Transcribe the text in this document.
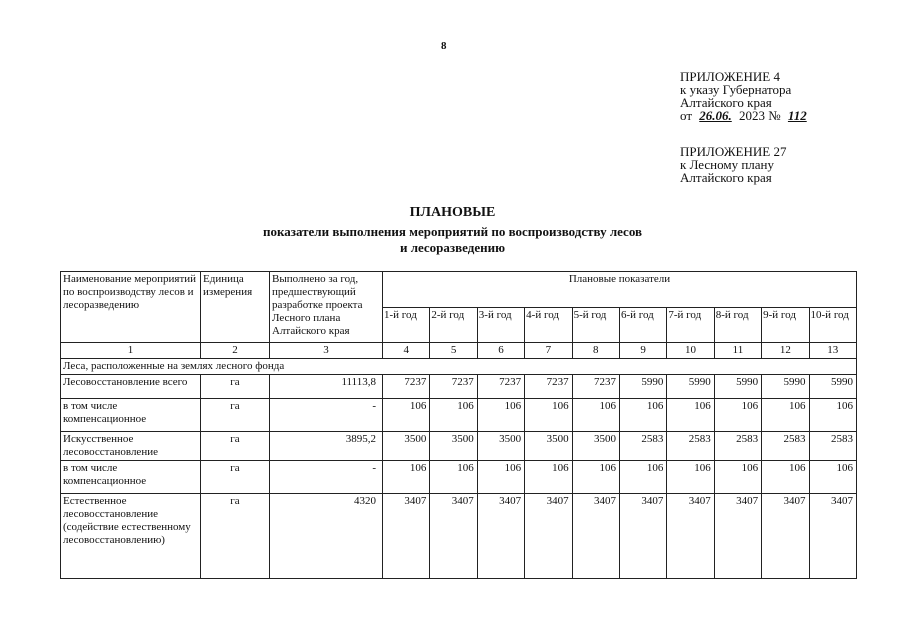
8
ПРИЛОЖЕНИЕ 4
к указу Губернатора
Алтайского края
от 26.06. 2023 № 112
ПРИЛОЖЕНИЕ 27
к Лесному плану
Алтайского края
ПЛАНОВЫЕ
показатели выполнения мероприятий по воспроизводству лесов
и лесоразведению
Наименование мероприятий по воспроизводству лесов и лесоразведению	Единица измерения	Выполнено за год, предшествующий разработке проекта Лесного плана Алтайского края	Плановые показатели									
			1-й год	2-й год	3-й год	4-й год	5-й год	6-й год	7-й год	8-й год	9-й год	10-й год
1	2	3	4	5	6	7	8	9	10	11	12	13
Леса, расположенные на землях лесного фонда												
Лесовосстановление всего	га	11113,8	7237	7237	7237	7237	7237	5990	5990	5990	5990	5990
в том числе компенсационное	га	-	106	106	106	106	106	106	106	106	106	106
Искусственное лесовосстановление	га	3895,2	3500	3500	3500	3500	3500	2583	2583	2583	2583	2583
в том числе компенсационное	га	-	106	106	106	106	106	106	106	106	106	106
Естественное лесовосстановление (содействие естественному лесовосстановлению)	га	4320	3407	3407	3407	3407	3407	3407	3407	3407	3407	3407
